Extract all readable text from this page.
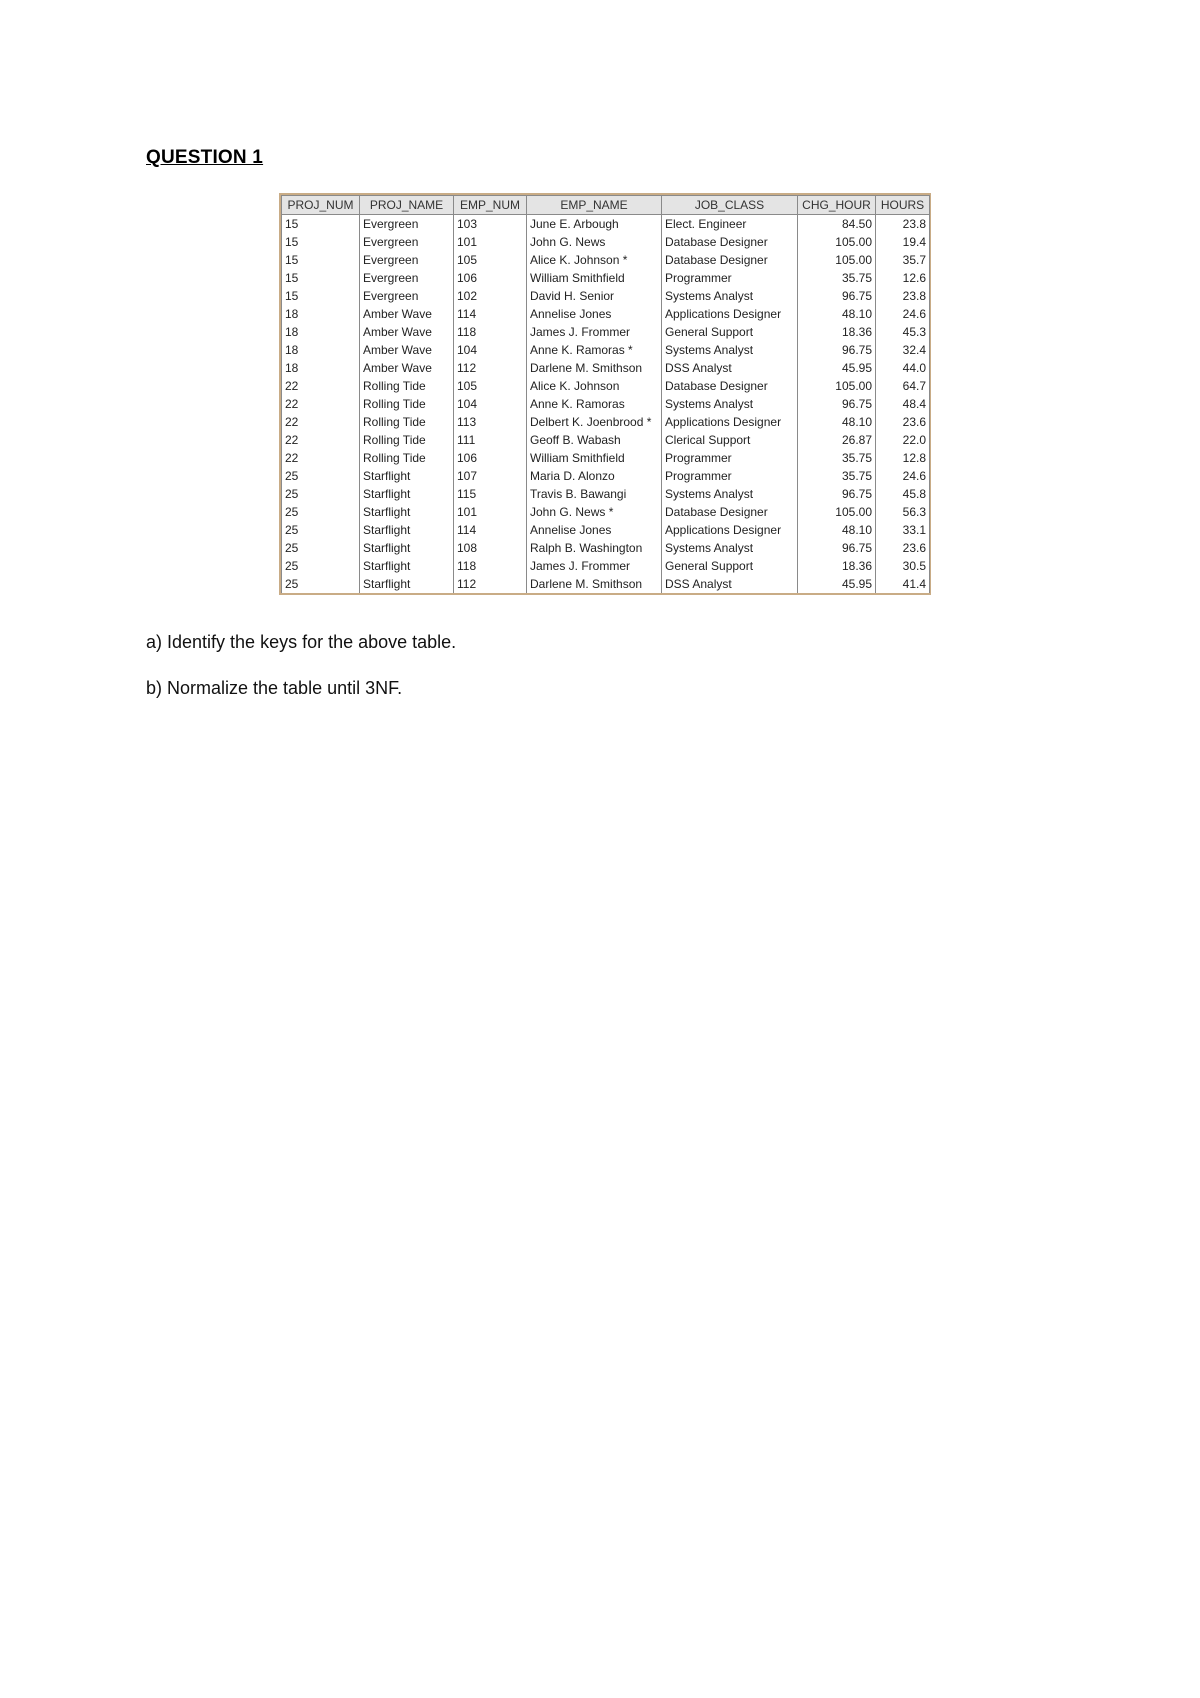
QUESTION 1
PROJ_NUM	PROJ_NAME	EMP_NUM	EMP_NAME	JOB_CLASS	CHG_HOUR	HOURS
15	Evergreen	103	June E. Arbough	Elect. Engineer	84.50	23.8
15	Evergreen	101	John G. News	Database Designer	105.00	19.4
15	Evergreen	105	Alice K. Johnson *	Database Designer	105.00	35.7
15	Evergreen	106	William Smithfield	Programmer	35.75	12.6
15	Evergreen	102	David H. Senior	Systems Analyst	96.75	23.8
18	Amber Wave	114	Annelise Jones	Applications Designer	48.10	24.6
18	Amber Wave	118	James J. Frommer	General Support	18.36	45.3
18	Amber Wave	104	Anne K. Ramoras *	Systems Analyst	96.75	32.4
18	Amber Wave	112	Darlene M. Smithson	DSS Analyst	45.95	44.0
22	Rolling Tide	105	Alice K. Johnson	Database Designer	105.00	64.7
22	Rolling Tide	104	Anne K. Ramoras	Systems Analyst	96.75	48.4
22	Rolling Tide	113	Delbert K. Joenbrood *	Applications Designer	48.10	23.6
22	Rolling Tide	111	Geoff B. Wabash	Clerical Support	26.87	22.0
22	Rolling Tide	106	William Smithfield	Programmer	35.75	12.8
25	Starflight	107	Maria D. Alonzo	Programmer	35.75	24.6
25	Starflight	115	Travis B. Bawangi	Systems Analyst	96.75	45.8
25	Starflight	101	John G. News *	Database Designer	105.00	56.3
25	Starflight	114	Annelise Jones	Applications Designer	48.10	33.1
25	Starflight	108	Ralph B. Washington	Systems Analyst	96.75	23.6
25	Starflight	118	James J. Frommer	General Support	18.36	30.5
25	Starflight	112	Darlene M. Smithson	DSS Analyst	45.95	41.4
a) Identify the keys for the above table.
b) Normalize the table until 3NF.
